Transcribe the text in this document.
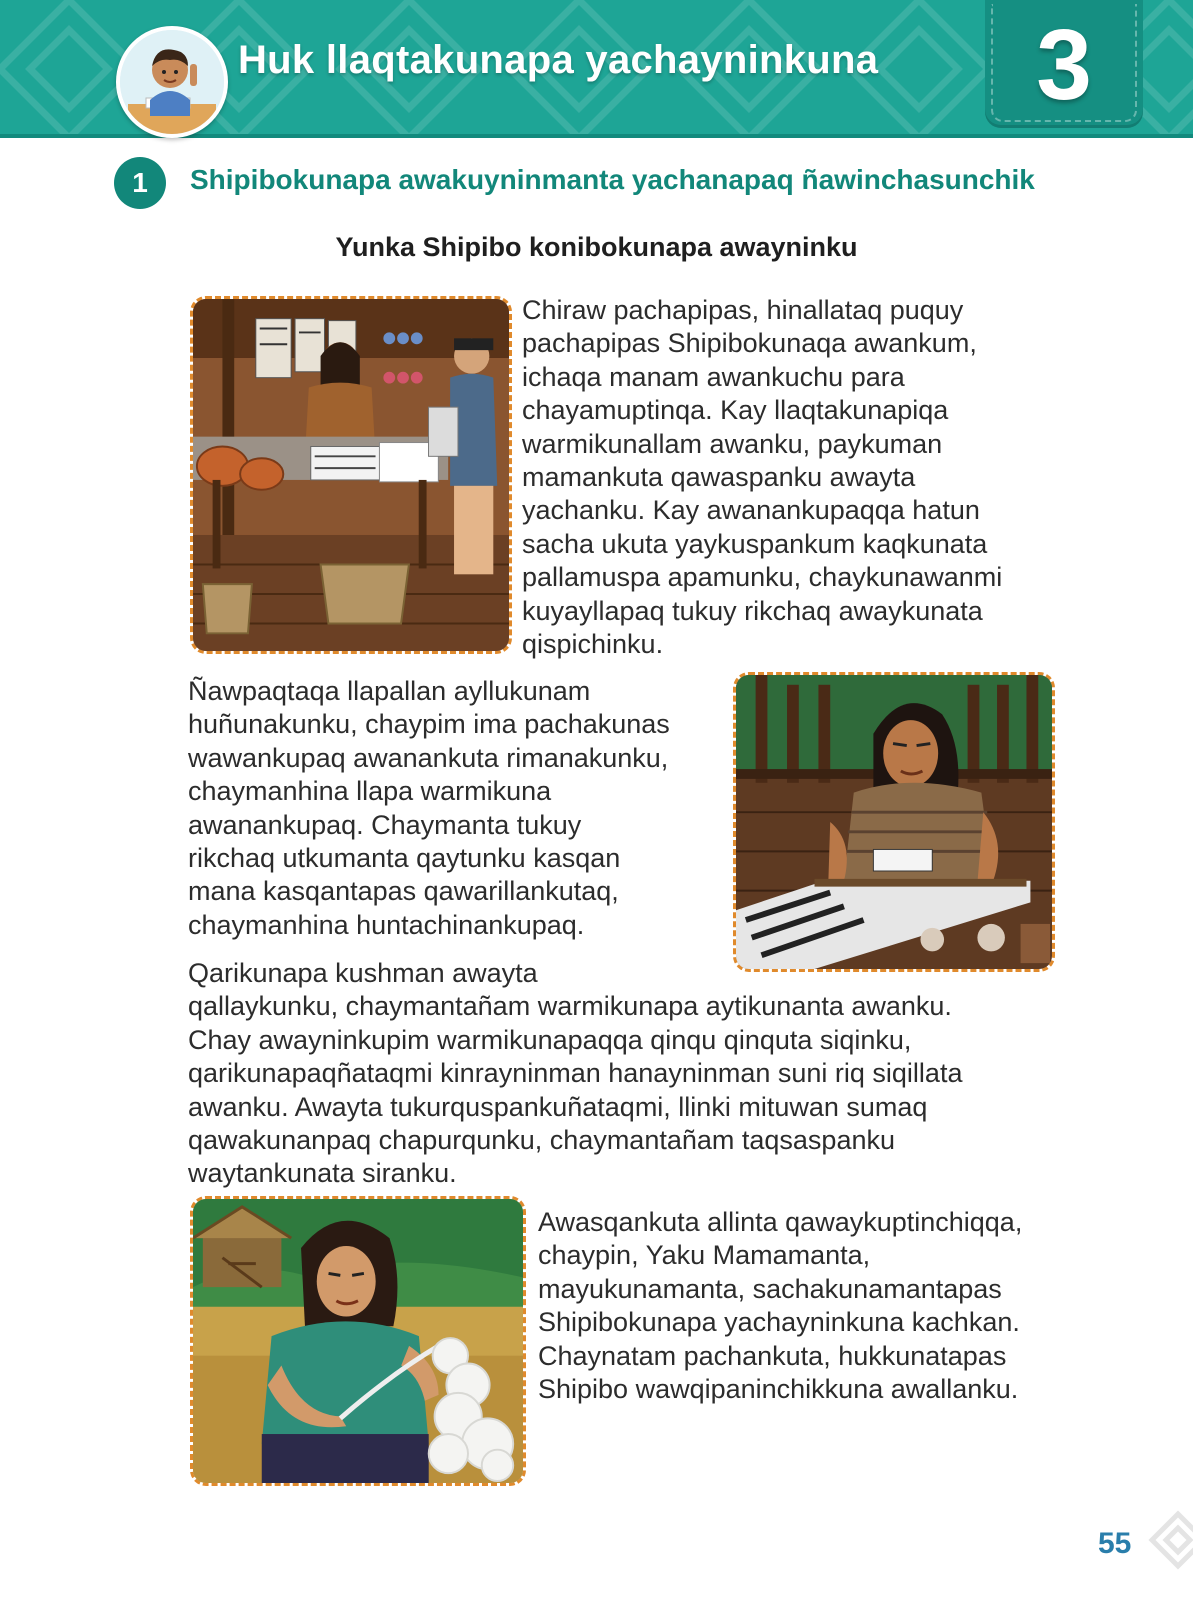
Huk llaqtakunapa yachayninkuna	3
1	Shipibokunapa awakuyninmanta yachanapaq ñawinchasunchik
Yunka Shipibo konibokunapa awayninku

Chiraw pachapipas, hinallataq puquy
pachapipas Shipibokunaqa awankum,
ichaqa manam awankuchu para
chayamuptinqa. Kay llaqtakunapiqa
warmikunallam awanku, paykuman
mamankuta qawaspanku awayta
yachanku. Kay awanankupaqqa hatun
sacha ukuta yaykuspankum kaqkunata
pallamuspa apamunku, chaykunawanmi
kuyayllapaq tukuy rikchaq awaykunata
qispichinku.

Ñawpaqtaqa llapallan ayllukunam
huñunakunku, chaypim ima pachakunas
wawankupaq awanankuta rimanakunku,
chaymanhina llapa warmikuna
awanankupaq. Chaymanta tukuy
rikchaq utkumanta qaytunku kasqan
mana kasqantapas qawarillankutaq,
chaymanhina huntachinankupaq.

Qarikunapa kushman awayta
qallaykunku, chaymantañam warmikunapa aytikunanta awanku.
Chay awayninkupim warmikunapaqqa qinqu qinquta siqinku,
qarikunapaqñataqmi kinrayninman hanayninman suni riq siqillata
awanku. Awayta tukurquspankuñataqmi, llinki mituwan sumaq
qawakunanpaq chapurqunku, chaymantañam taqsaspanku
waytankunata siranku.

Awasqankuta allinta qawaykuptinchiqqa,
chaypin, Yaku Mamamanta,
mayukunamanta, sachakunamantapas
Shipibokunapa yachayninkuna kachkan.
Chaynatam pachankuta, hukkunatapas
Shipibo wawqipaninchikkuna awallanku.

55
